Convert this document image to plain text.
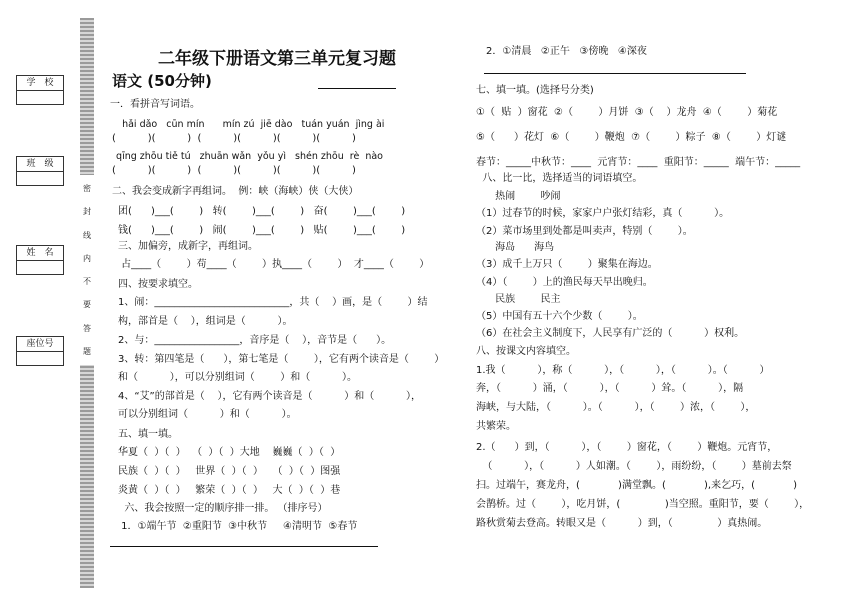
学　校
班　级
姓　名
座位号
密
封
线
内
不
要
答
题
二年级下册语文第三单元复习题
语文 (50分钟)
一．看拼音写词语。
hǎi dǎo   cūn mín      mín zú  jiē dào   tuán yuán  jìng ài
(          )(          )  (          )(          )(          )(          )
qīng zhōu tiě tú   zhuān wǎn  yǒu yì   shén zhōu  rè  nào
(          )(          )  (          )(          )(          )(          )
二、我会变成新字再组词。  例：峡（海峡）侠（大侠）
团(      )___(        )   转(        )___(        )   奋(        )___(        )
钱(      )___(        )   闹(        )___(        )   贴(        )___(        )
三、加偏旁，成新字，再组词。
占____（        ）苟____（        ）执____（        ）  才____（        ）
四、按要求填空。
1、闹：___________________________，共（    ）画，是（        ）结
构，部首是（    ），组词是（          ）。
2、与：_________________，音序是（    ），音节是（      ）。
3、转：第四笔是（      ），第七笔是（        ），它有两个读音是（        ）
和（          ），可以分别组词（        ）和（          ）。
4、“艾”的部首是（    ），它有两个读音是（          ）和（          ），
可以分别组词（          ）和（          ）。
五、填一填。
华夏（  ）（  ）  （  ）（  ）大地    巍巍（  ）（  ）
民族（  ）（  ）   世界（  ）（  ）   （  ）（  ）图强
炎黄（  ）（  ）   繁荣（  ）（  ）   大（  ）（  ）巷
六、我会按照一定的顺序排一排。 （排序号）
1．①端午节  ②重阳节  ③中秋节     ④清明节  ⑤春节
2．①清晨   ②正午   ③傍晚   ④深夜
七、填一填。(选择号分类)
①（  贴  ）窗花  ②（        ）月饼  ③（    ）龙舟  ④（        ）菊花
⑤（      ）花灯  ⑥（        ）鞭炮  ⑦（        ）粽子  ⑧（        ）灯谜
春节：_____中秋节：____  元宵节：____  重阳节：_____  端午节：_____
八、比一比，选择适当的词语填空。
热闹        吵闹
（1）过春节的时候，家家户户张灯结彩，真（          ）。
（2）菜市场里到处都是叫卖声，特别（        ）。
海岛      海鸟
（3）成千上万只（        ）聚集在海边。
（4）（        ）上的渔民每天早出晚归。
民族        民主
（5）中国有五十六个少数（        ）。
（6）在社会主义制度下，人民享有广泛的（          ）权利。
八、按课文内容填空。
1.我（          ），称（          ），（          ），（          ）。（          ）
奔，（          ）涌，（          ），（          ）耸。（          ），隔
海峡，与大陆，（          ）。（          ），（        ）浓，（        ），
共繁荣。
2.（      ）到，（          ），（        ）窗花，（        ）鞭炮。元宵节，
（          ），（          ）人如潮。（        ），雨纷纷，（        ）墓前去祭
扫。过端午，赛龙舟，(            )满堂飘。(            ),来乞巧，(            )
会鹊桥。过（        ），吃月饼，(              )当空照。重阳节，要（        ），
路秋赏菊去登高。转眼又是（          ）到，（              ）真热闹。
